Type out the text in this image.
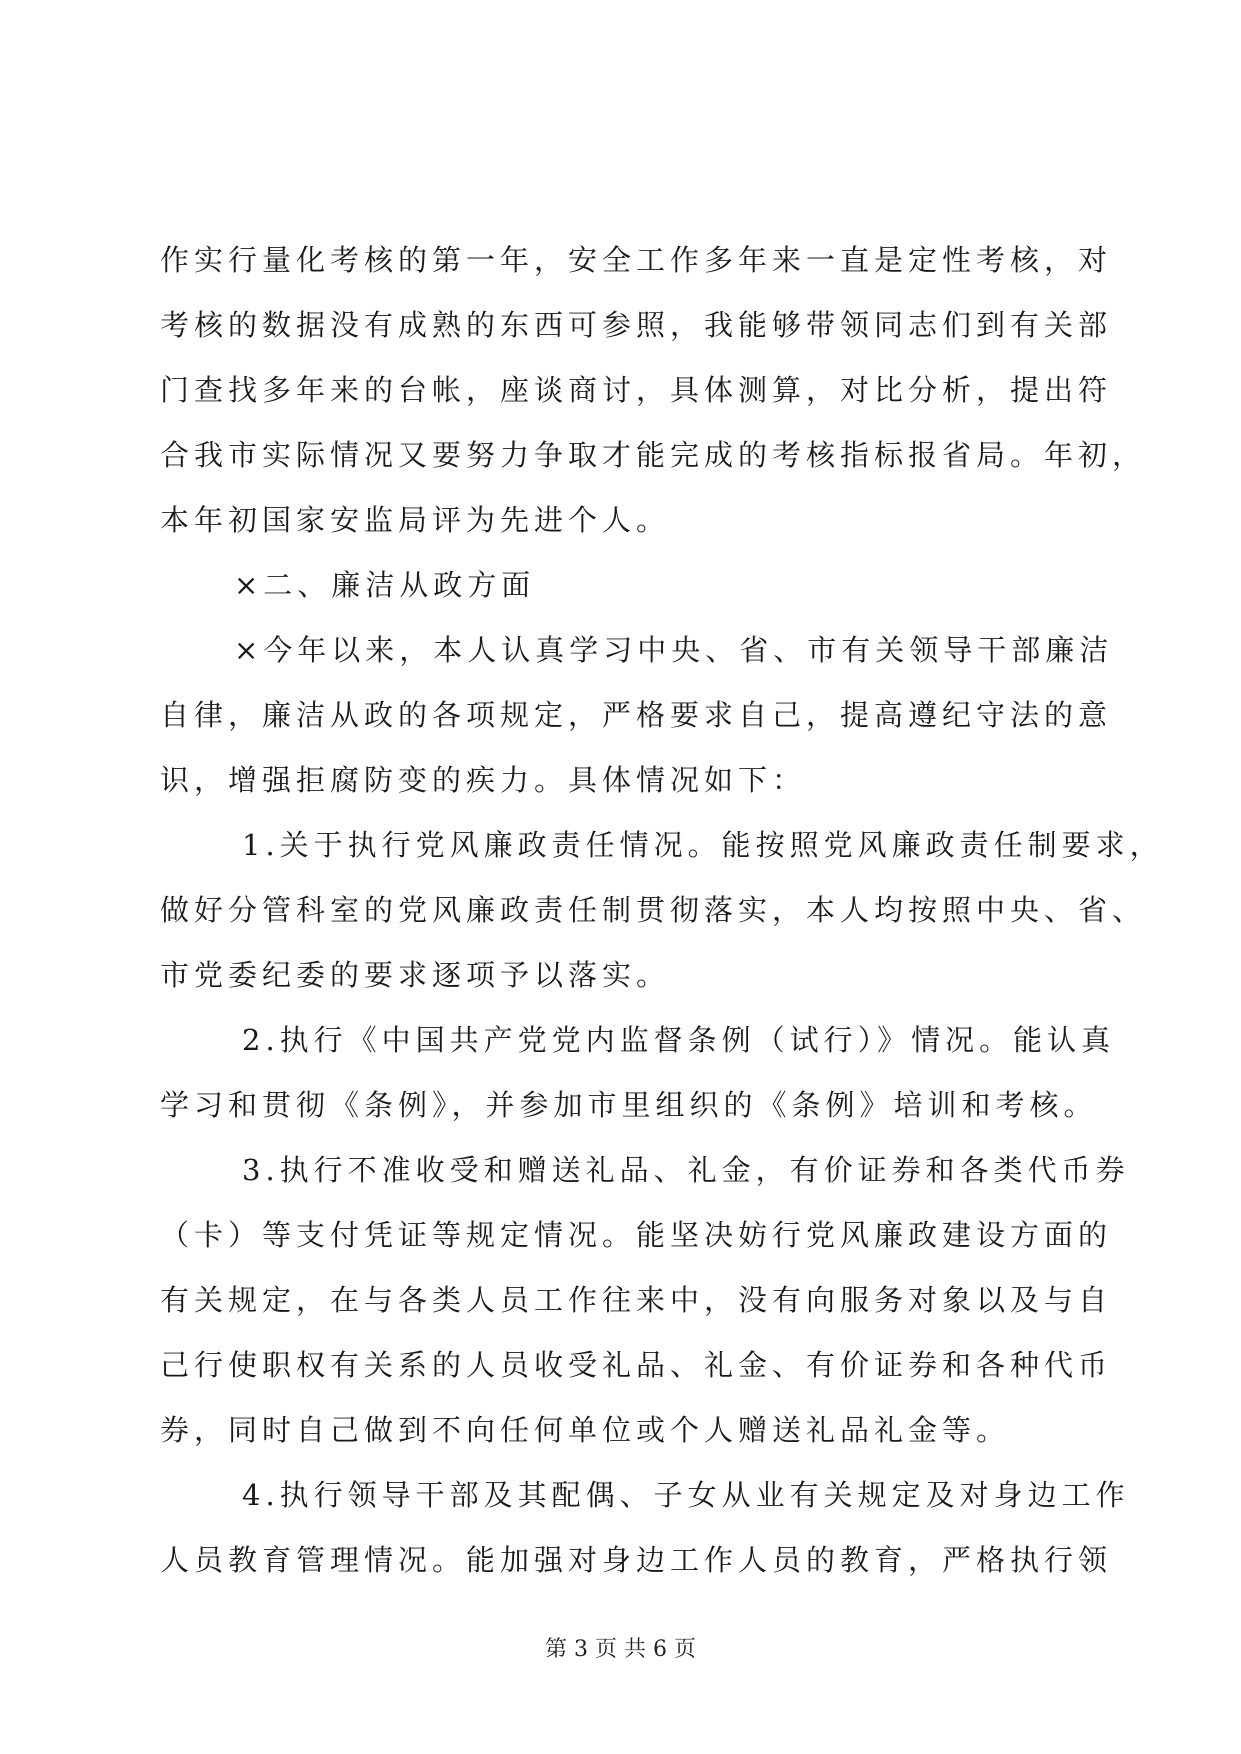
作实行量化考核的第一年，安全工作多年来一直是定性考核，对
考核的数据没有成熟的东西可参照，我能够带领同志们到有关部
门查找多年来的台帐，座谈商讨，具体测算，对比分析，提出符
合我市实际情况又要努力争取才能完成的考核指标报省局。年初，
本年初国家安监局评为先进个人。
×二、廉洁从政方面
×今年以来，本人认真学习中央、省、市有关领导干部廉洁
自律，廉洁从政的各项规定，严格要求自己，提高遵纪守法的意
识，增强拒腐防变的疾力。具体情况如下：
1.关于执行党风廉政责任情况。能按照党风廉政责任制要求，
做好分管科室的党风廉政责任制贯彻落实，本人均按照中央、省、
市党委纪委的要求逐项予以落实。
2.执行《中国共产党党内监督条例（试行）》情况。能认真
学习和贯彻《条例》，并参加市里组织的《条例》培训和考核。
3.执行不准收受和赠送礼品、礼金，有价证券和各类代币券
（卡）等支付凭证等规定情况。能坚决妨行党风廉政建设方面的
有关规定，在与各类人员工作往来中，没有向服务对象以及与自
己行使职权有关系的人员收受礼品、礼金、有价证券和各种代币
券，同时自己做到不向任何单位或个人赠送礼品礼金等。
4.执行领导干部及其配偶、子女从业有关规定及对身边工作
人员教育管理情况。能加强对身边工作人员的教育，严格执行领
第 3 页 共 6 页
